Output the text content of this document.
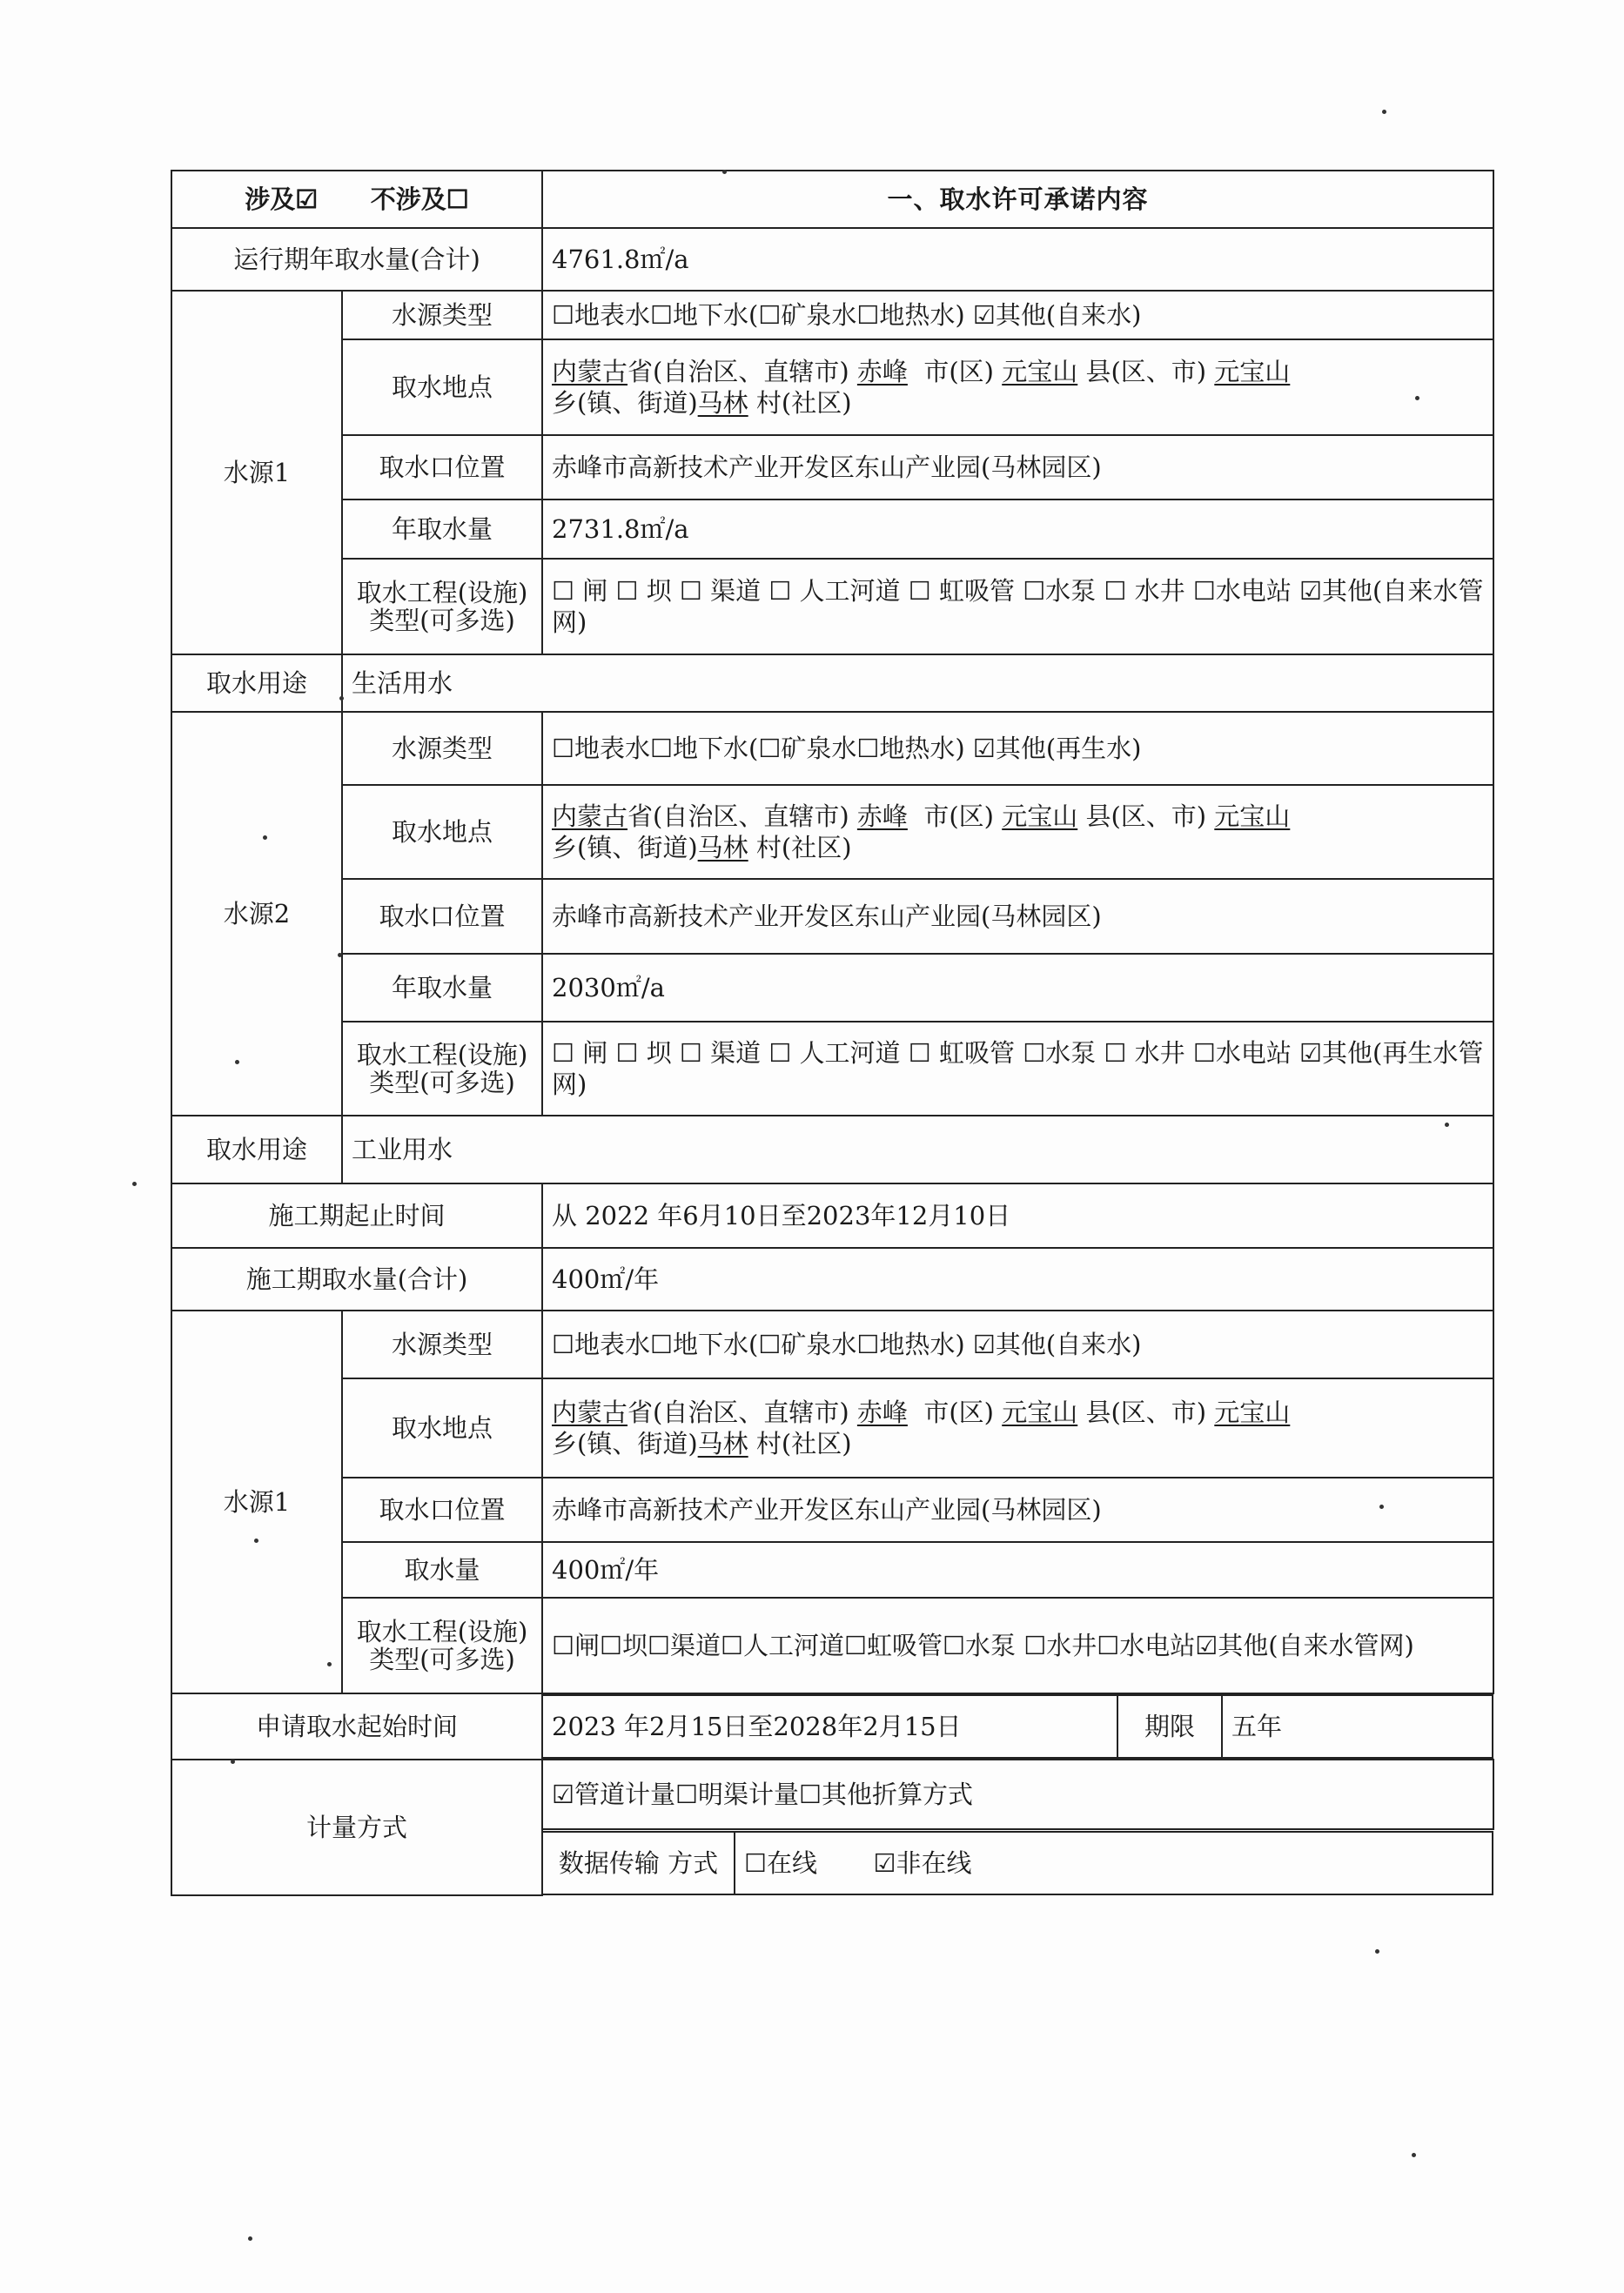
涉及☑ 不涉及☐	一、取水许可承诺内容
运行期年取水量(合计)	4761.8㎡/a
水源1	水源类型	☐地表水☐地下水(☐矿泉水☐地热水) ☑其他(自来水)
取水地点	内蒙古省(自治区、直辖市) 赤峰 市(区) 元宝山 县(区、市) 元宝山
乡(镇、街道)马林 村(社区)
取水口位置	赤峰市高新技术产业开发区东山产业园(马林园区)
年取水量	2731.8㎡/a
取水工程(设施)类型(可多选)	☐ 闸 ☐ 坝 ☐ 渠道 ☐ 人工河道 ☐ 虹吸管 ☐水泵 ☐ 水井 ☐水电站 ☑其他(自来水管网)
取水用途	生活用水
水源2	水源类型	☐地表水☐地下水(☐矿泉水☐地热水) ☑其他(再生水)
取水地点	内蒙古省(自治区、直辖市) 赤峰 市(区) 元宝山 县(区、市) 元宝山
乡(镇、街道)马林 村(社区)
取水口位置	赤峰市高新技术产业开发区东山产业园(马林园区)
年取水量	2030㎡/a
取水工程(设施)类型(可多选)	☐ 闸 ☐ 坝 ☐ 渠道 ☐ 人工河道 ☐ 虹吸管 ☐水泵 ☐ 水井 ☐水电站 ☑其他(再生水管网)
取水用途	工业用水
施工期起止时间	从 2022 年6月10日至2023年12月10日
施工期取水量(合计)	400㎡/年
水源1	水源类型	☐地表水☐地下水(☐矿泉水☐地热水) ☑其他(自来水)
取水地点	内蒙古省(自治区、直辖市) 赤峰 市(区) 元宝山 县(区、市) 元宝山
乡(镇、街道)马林 村(社区)
取水口位置	赤峰市高新技术产业开发区东山产业园(马林园区)
取水量	400㎡/年
取水工程(设施)类型(可多选)	☐闸☐坝☐渠道☐人工河道☐虹吸管☐水泵 ☐水井☐水电站☑其他(自来水管网)
申请取水起始时间		2023 年2月15日至2028年2月15日	期限	五年

计量方式	☑管道计量☐明渠计量☐其他折算方式

数据传输 方式	☐在线 ☑非在线
